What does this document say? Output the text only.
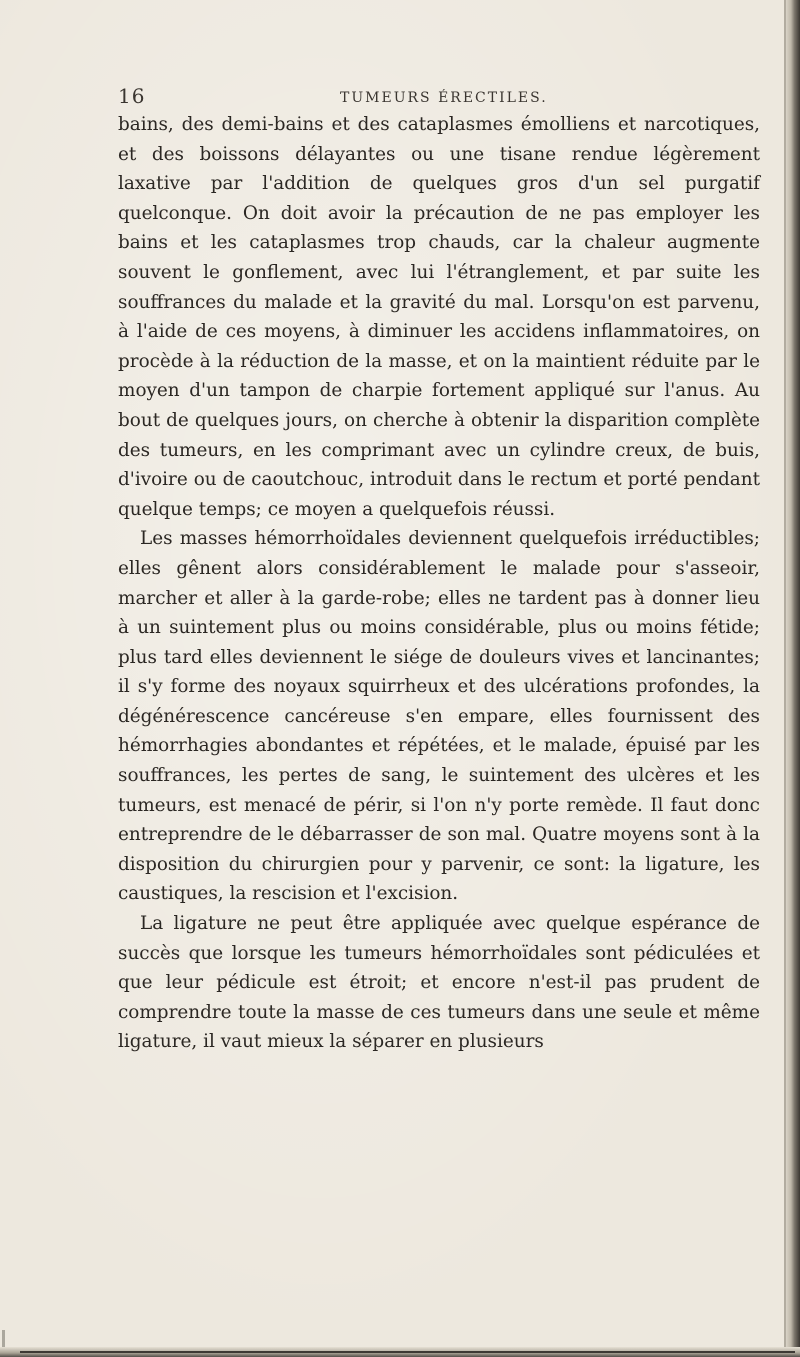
16	TUMEURS ÉRECTILES.

bains, des demi-bains et des cataplasmes émolliens et narcotiques, et des boissons délayantes ou une tisane rendue légèrement laxative par l'addition de quelques gros d'un sel purgatif quelconque. On doit avoir la précaution de ne pas employer les bains et les cataplasmes trop chauds, car la chaleur augmente souvent le gonflement, avec lui l'étranglement, et par suite les souffrances du malade et la gravité du mal. Lorsqu'on est parvenu, à l'aide de ces moyens, à diminuer les accidens inflammatoires, on procède à la réduction de la masse, et on la maintient réduite par le moyen d'un tampon de charpie fortement appliqué sur l'anus. Au bout de quelques jours, on cherche à obtenir la disparition complète des tumeurs, en les comprimant avec un cylindre creux, de buis, d'ivoire ou de caoutchouc, introduit dans le rectum et porté pendant quelque temps; ce moyen a quelquefois réussi.

Les masses hémorrhoïdales deviennent quelquefois irréductibles; elles gênent alors considérablement le malade pour s'asseoir, marcher et aller à la garde-robe; elles ne tardent pas à donner lieu à un suintement plus ou moins considérable, plus ou moins fétide; plus tard elles deviennent le siége de douleurs vives et lancinantes; il s'y forme des noyaux squirrheux et des ulcérations profondes, la dégénérescence cancéreuse s'en empare, elles fournissent des hémorrhagies abondantes et répétées, et le malade, épuisé par les souffrances, les pertes de sang, le suintement des ulcères et les tumeurs, est menacé de périr, si l'on n'y porte remède. Il faut donc entreprendre de le débarrasser de son mal. Quatre moyens sont à la disposition du chirurgien pour y parvenir, ce sont: la ligature, les caustiques, la rescision et l'excision.

La ligature ne peut être appliquée avec quelque espérance de succès que lorsque les tumeurs hémorrhoïdales sont pédiculées et que leur pédicule est étroit; et encore n'est-il pas prudent de comprendre toute la masse de ces tumeurs dans une seule et même ligature, il vaut mieux la séparer en plusieurs
